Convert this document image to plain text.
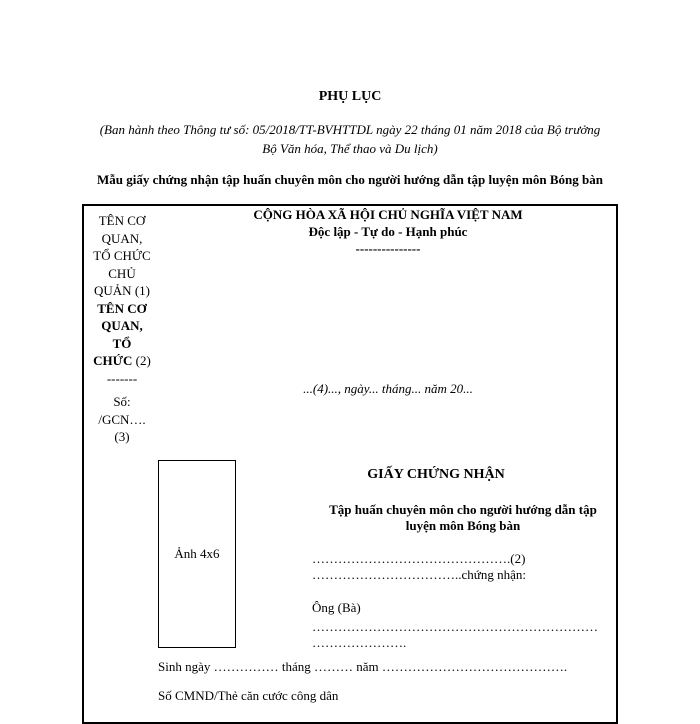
PHỤ LỤC
(Ban hành theo Thông tư số: 05/2018/TT-BVHTTDL ngày 22 tháng 01 năm 2018 của Bộ trưởng
Bộ Văn hóa, Thể thao và Du lịch)
Mẫu giấy chứng nhận tập huấn chuyên môn cho người hướng dẫn tập luyện môn Bóng bàn
TÊN CƠ
QUAN,
TỔ CHỨC
CHỦ
QUẢN (1)
TÊN CƠ
QUAN,
TỔ
CHỨC (2)
-------
Số:
/GCN….
(3)
CỘNG HÒA XÃ HỘI CHỦ NGHĨA VIỆT NAM
Độc lập - Tự do - Hạnh phúc
---------------
...(4)..., ngày... tháng... năm 20...
Ảnh 4x6
GIẤY CHỨNG NHẬN
Tập huấn chuyên môn cho người hướng dẫn tập luyện môn Bóng bàn
……………………………………….(2)
……………………………..chứng nhận:
Ông (Bà)
…………………………………………………………
………………….
Sinh ngày …………… tháng ……… năm …………………………………….
Số CMND/Thẻ căn cước công dân
